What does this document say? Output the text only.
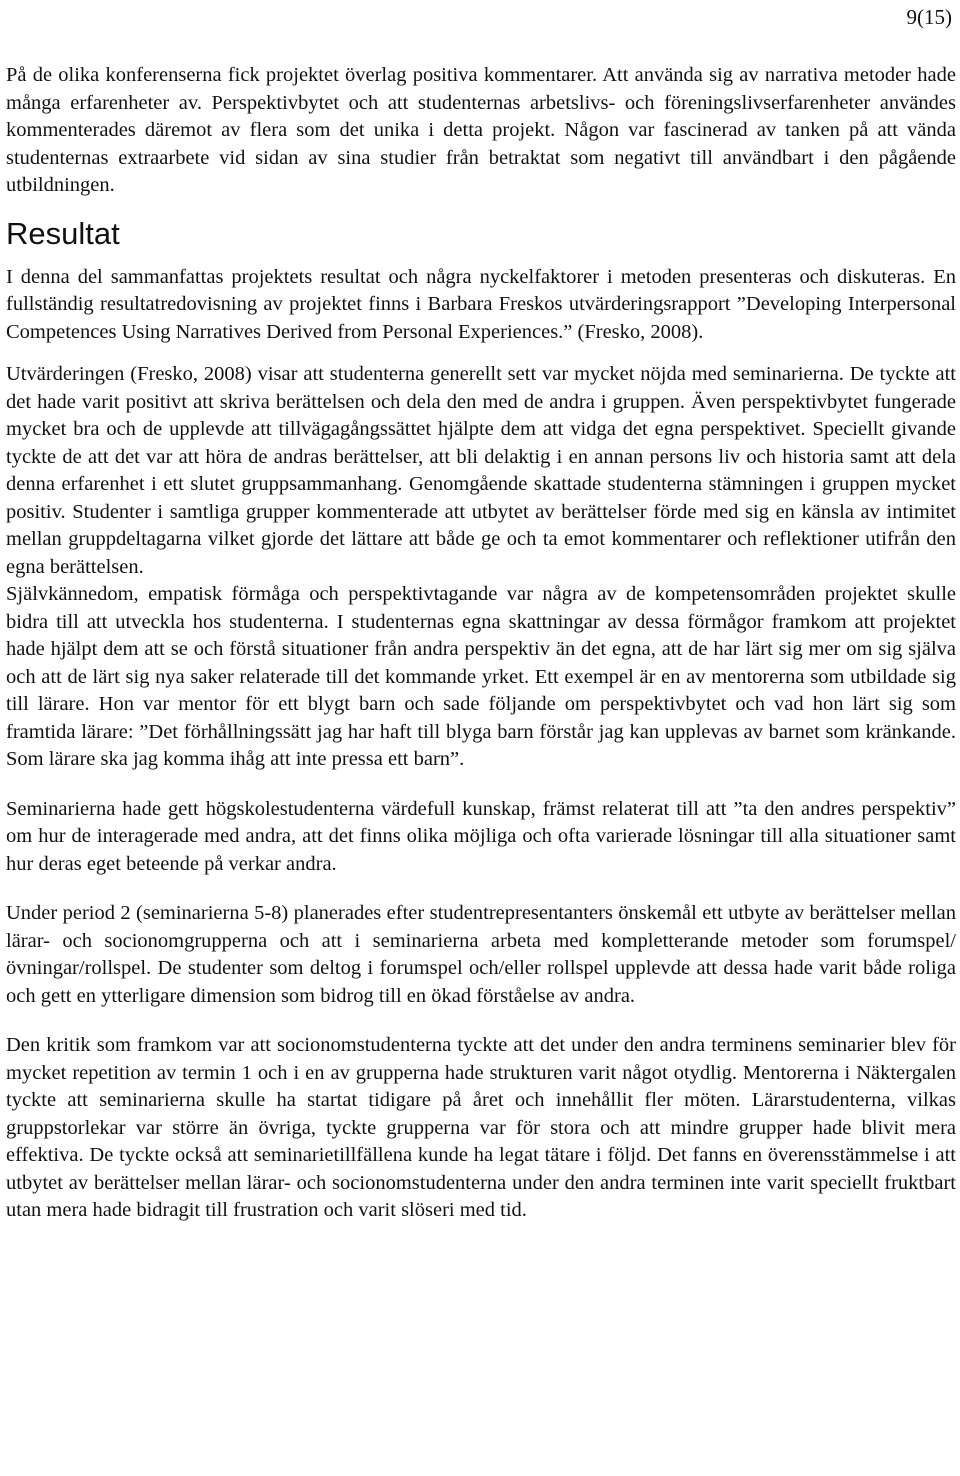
9(15)

På de olika konferenserna fick projektet överlag positiva kommentarer. Att använda sig av narrativa metoder hade många erfarenheter av. Perspektivbytet och att studenternas arbetslivs- och föreningslivserfarenheter användes kommenterades däremot av flera som det unika i detta projekt. Någon var fascinerad av tanken på att vända studenternas extraarbete vid sidan av sina studier från betraktat som negativt till användbart i den pågående utbildningen.

Resultat

I denna del sammanfattas projektets resultat och några nyckelfaktorer i metoden presenteras och diskuteras. En fullständig resultatredovisning av projektet finns i Barbara Freskos utvärderingsrapport ”Developing Interpersonal Competences Using Narratives Derived from Personal Experiences.” (Fresko, 2008).

Utvärderingen (Fresko, 2008) visar att studenterna generellt sett var mycket nöjda med seminarierna. De tyckte att det hade varit positivt att skriva berättelsen och dela den med de andra i gruppen. Även perspektivbytet fungerade mycket bra och de upplevde att tillvägagångssättet hjälpte dem att vidga det egna perspektivet. Speciellt givande tyckte de att det var att höra de andras berättelser, att bli delaktig i en annan persons liv och historia samt att dela denna erfarenhet i ett slutet gruppsammanhang. Genomgående skattade studenterna stämningen i gruppen mycket positiv. Studenter i samtliga grupper kommenterade att utbytet av berättelser förde med sig en känsla av intimitet mellan gruppdeltagarna vilket gjorde det lättare att både ge och ta emot kommentarer och reflektioner utifrån den egna berättelsen.

Självkännedom, empatisk förmåga och perspektivtagande var några av de kompetensområden projektet skulle bidra till att utveckla hos studenterna. I studenternas egna skattningar av dessa förmågor framkom att projektet hade hjälpt dem att se och förstå situationer från andra perspektiv än det egna, att de har lärt sig mer om sig själva och att de lärt sig nya saker relaterade till det kommande yrket. Ett exempel är en av mentorerna som utbildade sig till lärare. Hon var mentor för ett blygt barn och sade följande om perspektivbytet och vad hon lärt sig som framtida lärare: ”Det förhållningssätt jag har haft till blyga barn förstår jag kan upplevas av barnet som kränkande. Som lärare ska jag komma ihåg att inte pressa ett barn”.

Seminarierna hade gett högskolestudenterna värdefull kunskap, främst relaterat till att ”ta den andres perspektiv” om hur de interagerade med andra, att det finns olika möjliga och ofta varierade lösningar till alla situationer samt hur deras eget beteende på verkar andra.

Under period 2 (seminarierna 5-8) planerades efter studentrepresentanters önskemål ett utbyte av berättelser mellan lärar- och socionomgrupperna och att i seminarierna arbeta med kompletterande metoder som forumspel/övningar/rollspel. De studenter som deltog i forumspel och/eller rollspel upplevde att dessa hade varit både roliga och gett en ytterligare dimension som bidrog till en ökad förståelse av andra.

Den kritik som framkom var att socionomstudenterna tyckte att det under den andra terminens seminarier blev för mycket repetition av termin 1 och i en av grupperna hade strukturen varit något otydlig. Mentorerna i Näktergalen tyckte att seminarierna skulle ha startat tidigare på året och innehållit fler möten. Lärarstudenterna, vilkas gruppstorlekar var större än övriga, tyckte grupperna var för stora och att mindre grupper hade blivit mera effektiva. De tyckte också att seminarietillfällena kunde ha legat tätare i följd. Det fanns en överensstämmelse i att utbytet av berättelser mellan lärar- och socionomstudenterna under den andra terminen inte varit speciellt fruktbart utan mera hade bidragit till frustration och varit slöseri med tid.
